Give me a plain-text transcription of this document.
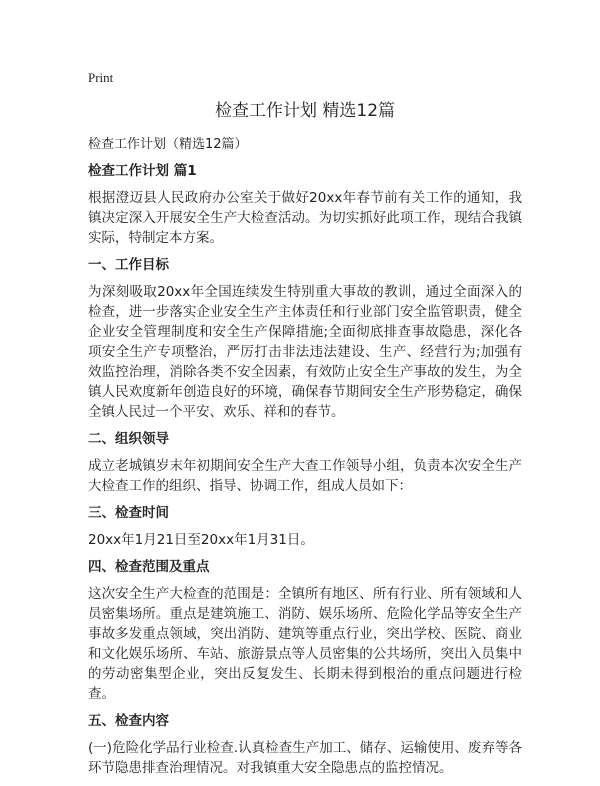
Print
检查工作计划 精选12篇
检查工作计划（精选12篇）
检查工作计划 篇1

根据澄迈县人民政府办公室关于做好20xx年春节前有关工作的通知，我镇决定深入开展安全生产大检查活动。为切实抓好此项工作，现结合我镇实际，特制定本方案。

一、工作目标

为深刻吸取20xx年全国连续发生特别重大事故的教训，通过全面深入的检查，进一步落实企业安全生产主体责任和行业部门安全监管职责，健全企业安全管理制度和安全生产保障措施;全面彻底排查事故隐患，深化各项安全生产专项整治，严厉打击非法违法建设、生产、经营行为;加强有效监控治理，消除各类不安全因素，有效防止安全生产事故的发生，为全镇人民欢度新年创造良好的环境，确保春节期间安全生产形势稳定，确保全镇人民过一个平安、欢乐、祥和的春节。

二、组织领导

成立老城镇岁末年初期间安全生产大查工作领导小组，负责本次安全生产大检查工作的组织、指导、协调工作，组成人员如下：

三、检查时间

20xx年1月21日至20xx年1月31日。

四、检查范围及重点

这次安全生产大检查的范围是：全镇所有地区、所有行业、所有领域和人员密集场所。重点是建筑施工、消防、娱乐场所、危险化学品等安全生产事故多发重点领域，突出消防、建筑等重点行业，突出学校、医院、商业和文化娱乐场所、车站、旅游景点等人员密集的公共场所，突出入员集中的劳动密集型企业，突出反复发生、长期未得到根治的重点问题进行检查。

五、检查内容

(一)危险化学品行业检查.认真检查生产加工、储存、运输使用、废弃等各环节隐患排查治理情况。对我镇重大安全隐患点的监控情况。
